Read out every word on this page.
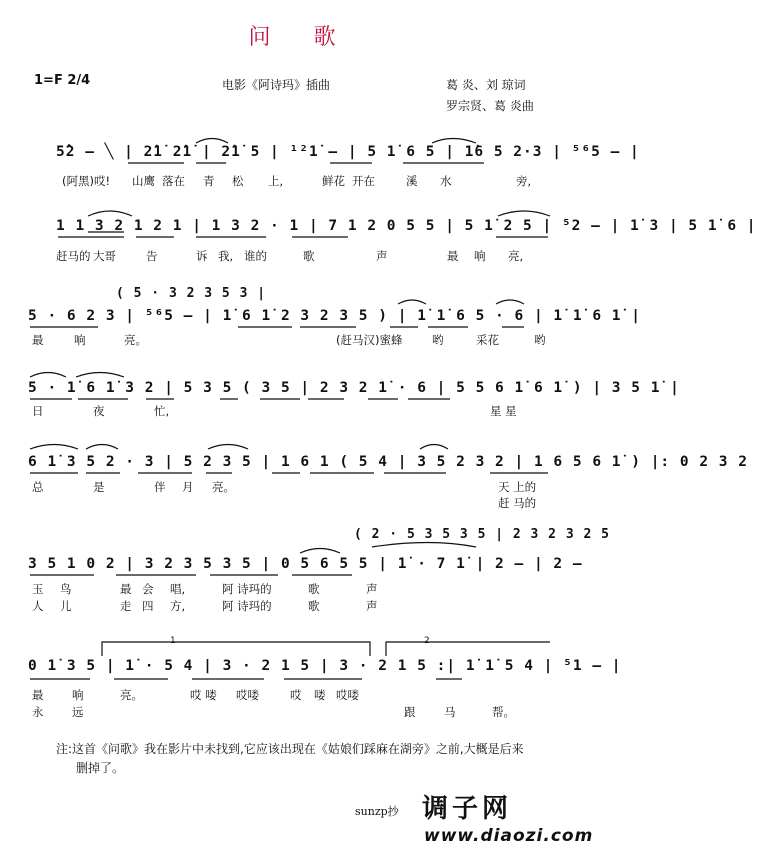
问 歌
1=F 2/4	电影《阿诗玛》插曲	葛 炎、刘 琼词
罗宗贤、葛 炎曲
5̂2 – ╲ | 2̇1̇ 2̇1̇ | 2̇1̇ 5 | ¹²1̇ – | 5 1̇ 6 5 | 1̇6 5 2·3 | ⁵⁶5 – |
(阿黑)哎! 山鹰 落在 青 松 上,	鲜花 开在	溪 水	旁,
1 1 3 2 1 2 1 | 1 3 2 · 1 | 7 1 2 0 5 5 | 5 1̇ 2 5 | ⁵2 – | 1̇ 3 | 5 1̇ 6 |
赶马的 大哥	告	诉 我, 谁的	歌	声	最 响 亮,
( 5 · 3 2 3 5 3 |
5 · 6 2 3 | ⁵⁶5 – | 1̇ 6 1̇ 2 3 2 3 5 ) | 1̇ 1̇ 6 5 · 6 | 1̇ 1̇ 6 1̇ |
最	响	亮。	(赶马汉)蜜蜂	哟	采花	哟
5 · 1̇ 6 1̇ 3 2 | 5 3 5 ( 3 5 | 2 3 2 1̇ · 6 | 5 5 6 1̇ 6 1̇ ) | 3 5 1̇ |
日	夜	忙,	星 星
6 1̇ 3 5 2 · 3 | 5 2 3 5 | 1 6 1 ( 5 4 | 3 5 2 3 2 | 1 6 5 6 1̇ ) |: 0 2 3 2
总	是	伴 月 亮。	天 上的
赶 马的
( 2 · 5 3 5 3 5 | 2 3 2 3 2 5
3 5 1 0 2 | 3 2 3 5 3 5 | 0 5 6 5 5 | 1̇ · 7 1̇ | 2 – | 2 –
玉 鸟	最 会 唱,	阿 诗玛的	歌	声
人 儿	走 四 方,	阿 诗玛的	歌	声
1	2
0 1̇ 3 5 | 1̇ · 5 4 | 3 · 2 1 5 | 3 · 2 1 5 :| 1̇ 1̇ 5 4 | ⁵1 – |
最 响	亮。	哎 喽 哎喽	哎 喽 哎喽
永 远	跟 马	帮。
注:这首《问歌》我在影片中未找到,它应该出现在《姑娘们踩麻在湖旁》之前,大概是后来
删掉了。
sunzp抄 调子网
www.diaozi.com
